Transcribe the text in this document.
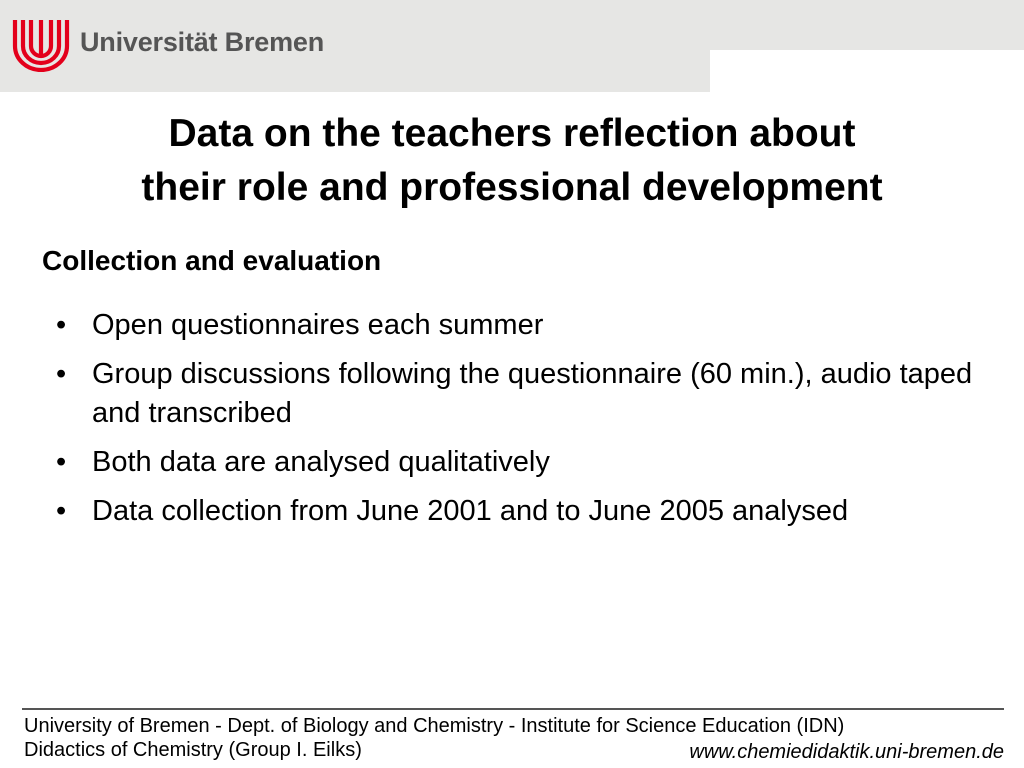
Universität Bremen
Data on the teachers reflection about
their role and professional development
Collection and evaluation
• Open questionnaires each summer
• Group discussions following the questionnaire (60 min.), audio taped and transcribed
• Both data are analysed qualitatively
• Data collection from June 2001 and to June 2005 analysed
University of Bremen - Dept. of Biology and Chemistry - Institute for Science Education (IDN)
Didactics of Chemistry (Group I. Eilks)	www.chemiedidaktik.uni-bremen.de
